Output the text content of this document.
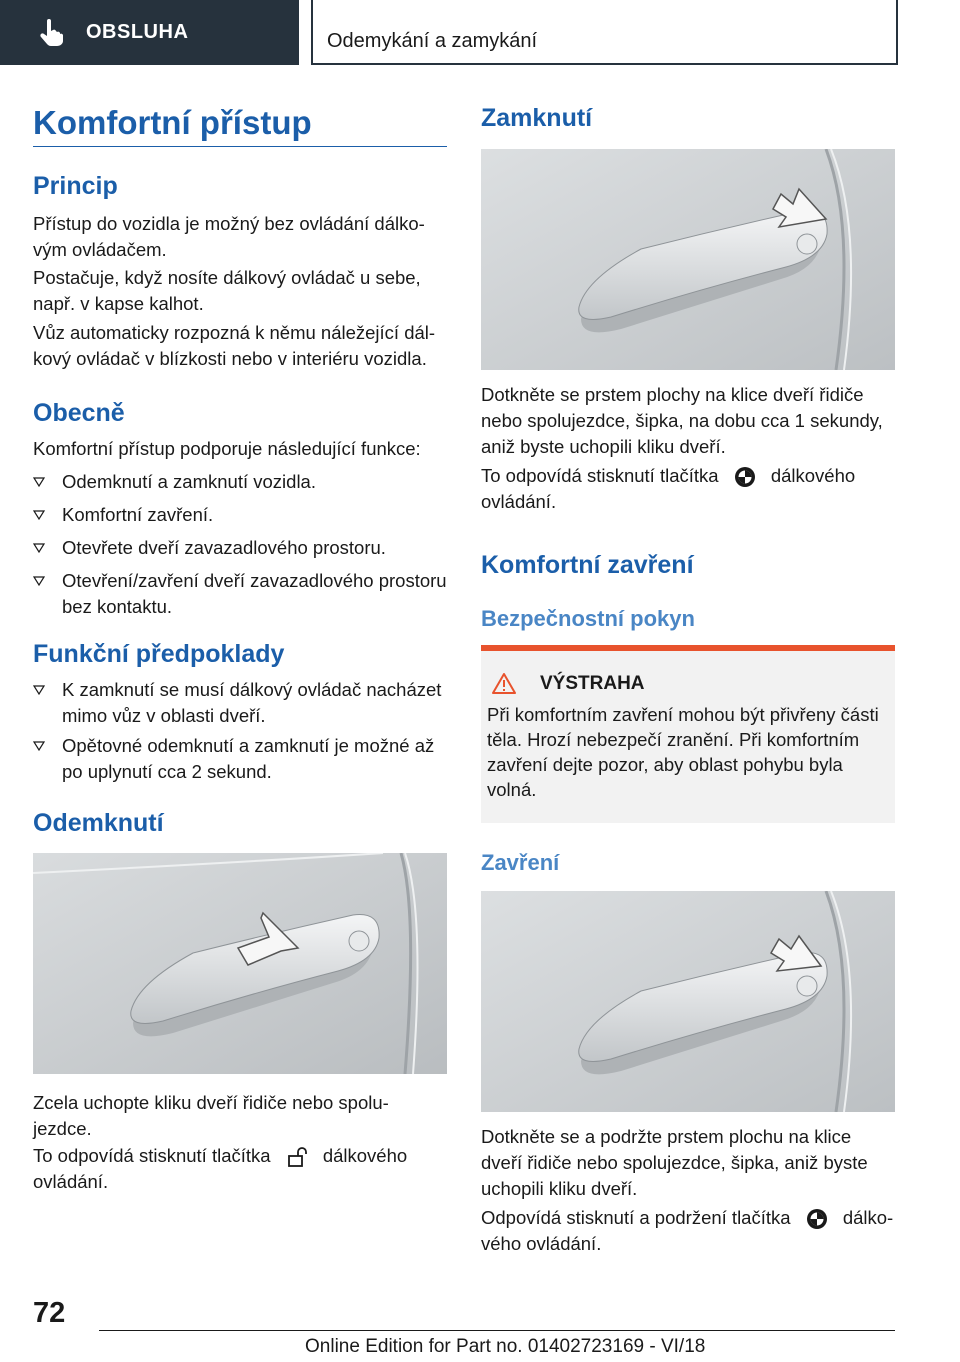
OBSLUHA	Odemykání a zamykání
Komfortní přístup
Princip

Přístup do vozidla je možný bez ovládání dálko-vým ovládačem.

Postačuje, když nosíte dálkový ovládač u sebe, např. v kapse kalhot.

Vůz automaticky rozpozná k němu náležející dál-kový ovládač v blízkosti nebo v interiéru vozidla.

Obecně

Komfortní přístup podporuje následující funkce:

Odemknutí a zamknutí vozidla.
Komfortní zavření.
Otevřete dveří zavazadlového prostoru.
Otevření/zavření dveří zavazadlového prostoru bez kontaktu.
Funkční předpoklady
K zamknutí se musí dálkový ovládač nacházet mimo vůz v oblasti dveří.
Opětovné odemknutí a zamknutí je možné až po uplynutí cca 2 sekund.
Odemknutí

Zcela uchopte kliku dveří řidiče nebo spolu-jezdce.

To odpovídá stisknutí tlačítka	dálkového
ovládání.

Zamknutí

Dotkněte se prstem plochy na klice dveří řidiče nebo spolujezdce, šipka, na dobu cca 1 sekundy, aniž byste uchopili kliku dveří.

To odpovídá stisknutí tlačítka	dálkového
ovládání.

Komfortní zavření
Bezpečnostní pokyn
VÝSTRAHA

Při komfortním zavření mohou být přivřeny části těla. Hrozí nebezpečí zranění. Při komfortním zavření dejte pozor, aby oblast pohybu byla volná.

Zavření

Dotkněte se a podržte prstem plochu na klice dveří řidiče nebo spolujezdce, šipka, aniž byste uchopili kliku dveří.

Odpovídá stisknutí a podržení tlačítka	dálko-
vého ovládání.

72
Online Edition for Part no. 01402723169 - VI/18
